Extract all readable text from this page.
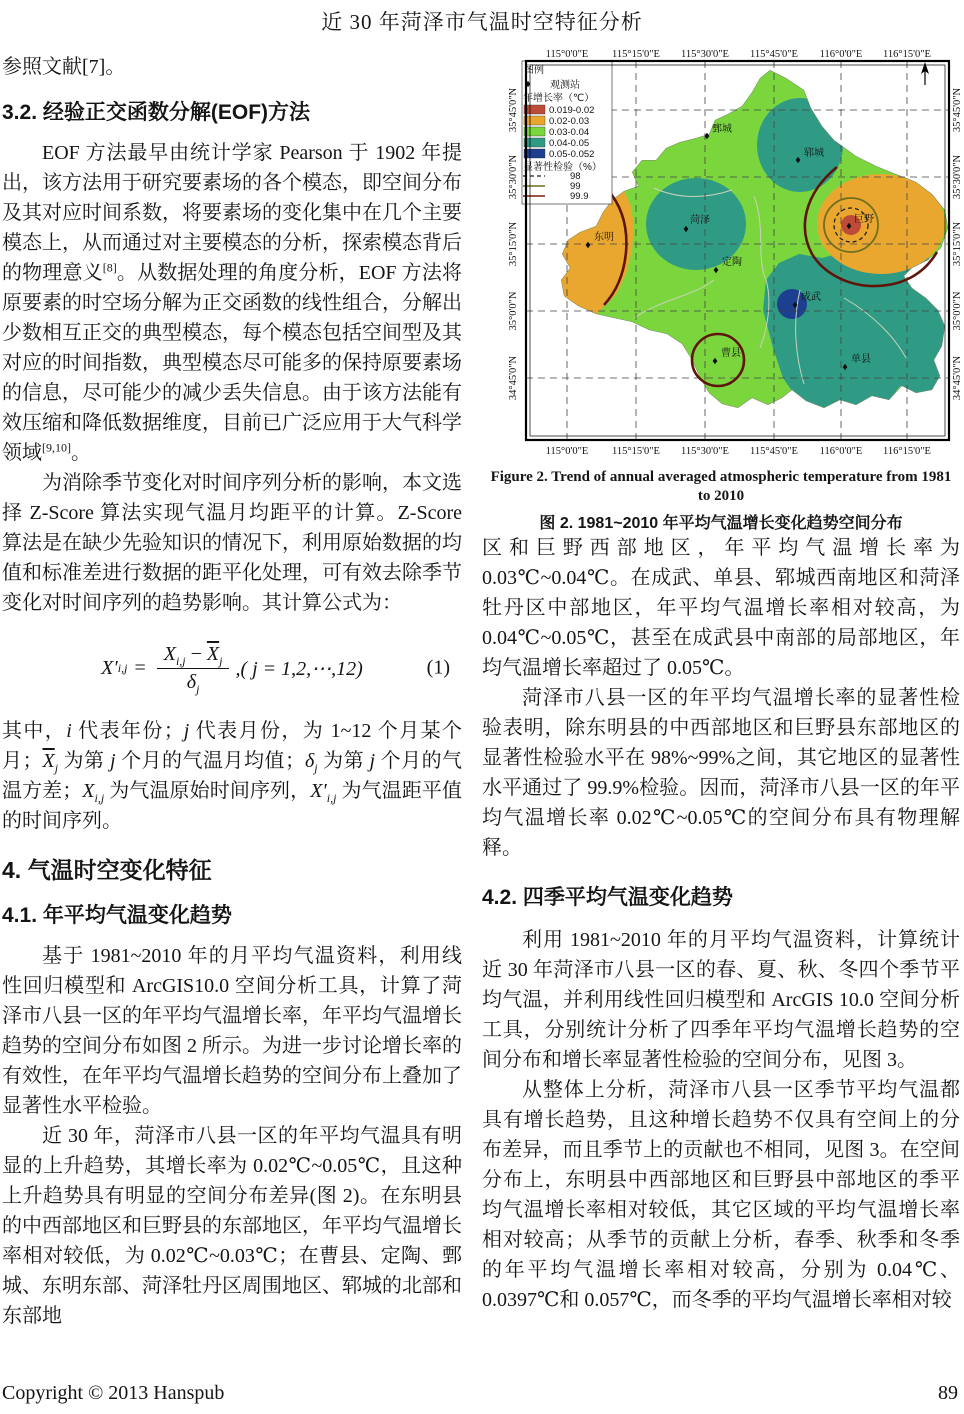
近 30 年菏泽市气温时空特征分析

参照文献[7]。

3.2. 经验正交函数分解(EOF)方法

EOF 方法最早由统计学家 Pearson 于 1902 年提出，该方法用于研究要素场的各个模态，即空间分布及其对应时间系数，将要素场的变化集中在几个主要模态上，从而通过对主要模态的分析，探索模态背后的物理意义[8]。从数据处理的角度分析，EOF 方法将原要素的时空场分解为正交函数的线性组合，分解出少数相互正交的典型模态，每个模态包括空间型及其对应的时间指数，典型模态尽可能多的保持原要素场的信息，尽可能少的减少丢失信息。由于该方法能有效压缩和降低数据维度，目前已广泛应用于大气科学领域[9,10]。

为消除季节变化对时间序列分析的影响，本文选择 Z-Score 算法实现气温月均距平的计算。Z-Score 算法是在缺少先验知识的情况下，利用原始数据的均值和标准差进行数据的距平化处理，可有效去除季节变化对时间序列的趋势影响。其计算公式为：

X′ $i,j = \frac{X_{i,j} - \overline{X}_j}{\delta_j}$ ,( j = 1,2,⋯,12)	(1)

其中，i 代表年份；j 代表月份，为 1~12 个月某个月；$\overline{X}_j$ 为第 j 个月的气温月均值；$\delta_j$ 为第 j 个月的气温方差；$X_{i,j}$ 为气温原始时间序列，$X'_{i,j}$ 为气温距平值的时间序列。

4. 气温时空变化特征
4.1. 年平均气温变化趋势

基于 1981~2010 年的月平均气温资料，利用线性回归模型和 ArcGIS10.0 空间分析工具，计算了菏泽市八县一区的年平均气温增长率，年平均气温增长趋势的空间分布如图 2 所示。为进一步讨论增长率的有效性，在年平均气温增长趋势的空间分布上叠加了显著性水平检验。

近 30 年，菏泽市八县一区的年平均气温具有明显的上升趋势，其增长率为 0.02℃~0.05℃，且这种上升趋势具有明显的空间分布差异(图 2)。在东明县的中西部地区和巨野县的东部地区，年平均气温增长率相对较低，为 0.02℃~0.03℃；在曹县、定陶、鄄城、东明东部、菏泽牡丹区周围地区、郓城的北部和东部地

鄄城
郓城
菏泽
东明
定陶
巨野
成武
曹县
单县
图例
观测站
年增长率（℃）
0.019-0.02
0.02-0.03
0.03-0.04
0.04-0.05
0.05-0.052
显著性检验（%）
98
99
99.9
115°0'0"E 115°15'0"E 115°30'0"E 115°45'0"E 116°0'0"E 116°15'0"E
115°0'0"E 115°15'0"E 115°30'0"E 115°45'0"E 116°0'0"E 116°15'0"E
35°45'0"N
35°30'0"N
35°15'0"N
35°0'0"N
34°45'0"N
35°45'0"N
35°30'0"N
35°15'0"N
35°0'0"N
34°45'0"N
Figure 2. Trend of annual averaged atmospheric temperature from 1981 to 2010
图 2. 1981~2010 年平均气温增长变化趋势空间分布

区和巨野西部地区，年平均气温增长率为 0.03℃~0.04℃。在成武、单县、郓城西南地区和菏泽牡丹区中部地区，年平均气温增长率相对较高，为 0.04℃~0.05℃，甚至在成武县中南部的局部地区，年均气温增长率超过了 0.05℃。

菏泽市八县一区的年平均气温增长率的显著性检验表明，除东明县的中西部地区和巨野县东部地区的显著性检验水平在 98%~99%之间，其它地区的显著性水平通过了 99.9%检验。因而，菏泽市八县一区的年平均气温增长率 0.02℃~0.05℃的空间分布具有物理解释。

4.2. 四季平均气温变化趋势

利用 1981~2010 年的月平均气温资料，计算统计近 30 年菏泽市八县一区的春、夏、秋、冬四个季节平均气温，并利用线性回归模型和 ArcGIS 10.0 空间分析工具，分别统计分析了四季年平均气温增长趋势的空间分布和增长率显著性检验的空间分布，见图 3。

从整体上分析，菏泽市八县一区季节平均气温都具有增长趋势，且这种增长趋势不仅具有空间上的分布差异，而且季节上的贡献也不相同，见图 3。在空间分布上，东明县中西部地区和巨野县中部地区的季平均气温增长率相对较低，其它区域的平均气温增长率相对较高；从季节的贡献上分析，春季、秋季和冬季的年平均气温增长率相对较高，分别为 0.04℃、0.0397℃和 0.057℃，而冬季的平均气温增长率相对较

Copyright © 2013 Hanspub	89
